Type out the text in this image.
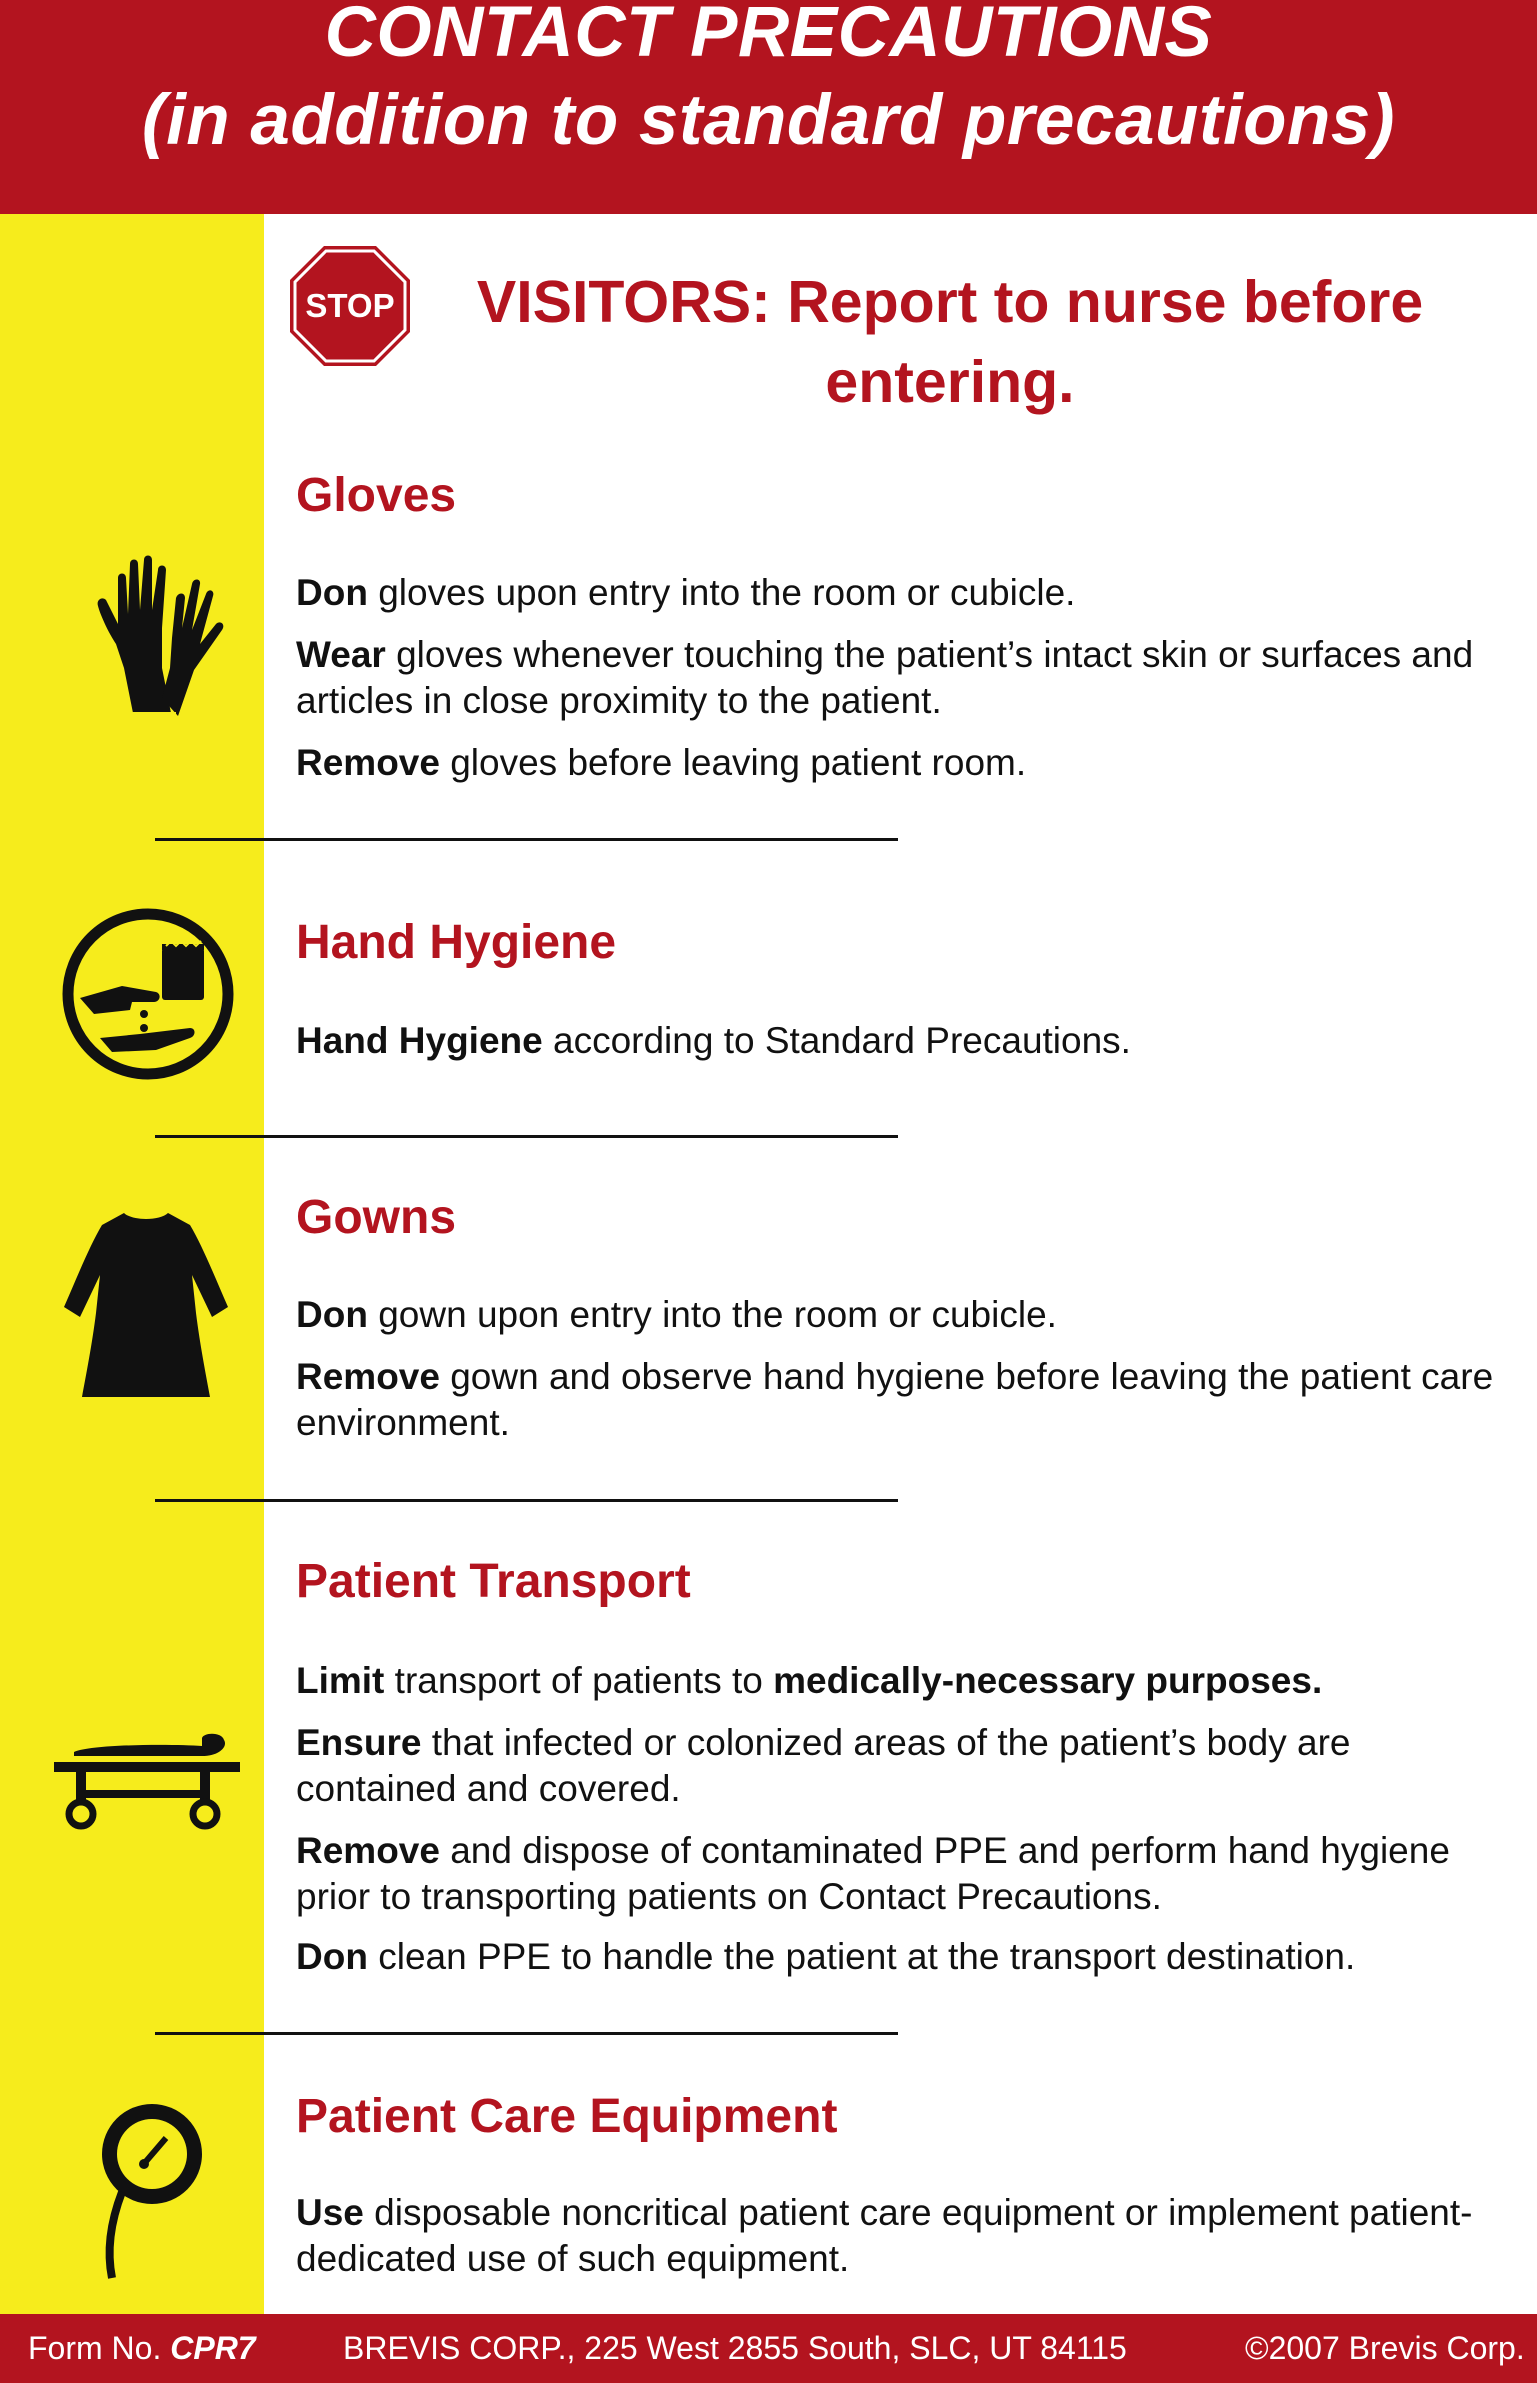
CONTACT PRECAUTIONS
(in addition to standard precautions)
STOP	VISITORS: Report to nurse before entering.
Gloves
Don gloves upon entry into the room or cubicle.
Wear gloves whenever touching the patient’s intact skin or surfaces and articles in close proximity to the patient.
Remove gloves before leaving patient room.
Hand Hygiene
Hand Hygiene according to Standard Precautions.
Gowns
Don gown upon entry into the room or cubicle.
Remove gown and observe hand hygiene before leaving the patient care environment.
Patient Transport
Limit transport of patients to medically-necessary purposes.
Ensure that infected or colonized areas of the patient’s body are contained and covered.
Remove and dispose of contaminated PPE and perform hand hygiene prior to transporting patients on Contact Precautions.
Don clean PPE to handle the patient at the transport destination.
Patient Care Equipment
Use disposable noncritical patient care equipment or implement patient-dedicated use of such equipment.
Form No. CPR7	BREVIS CORP., 225 West 2855 South, SLC, UT 84115	©2007 Brevis Corp.
